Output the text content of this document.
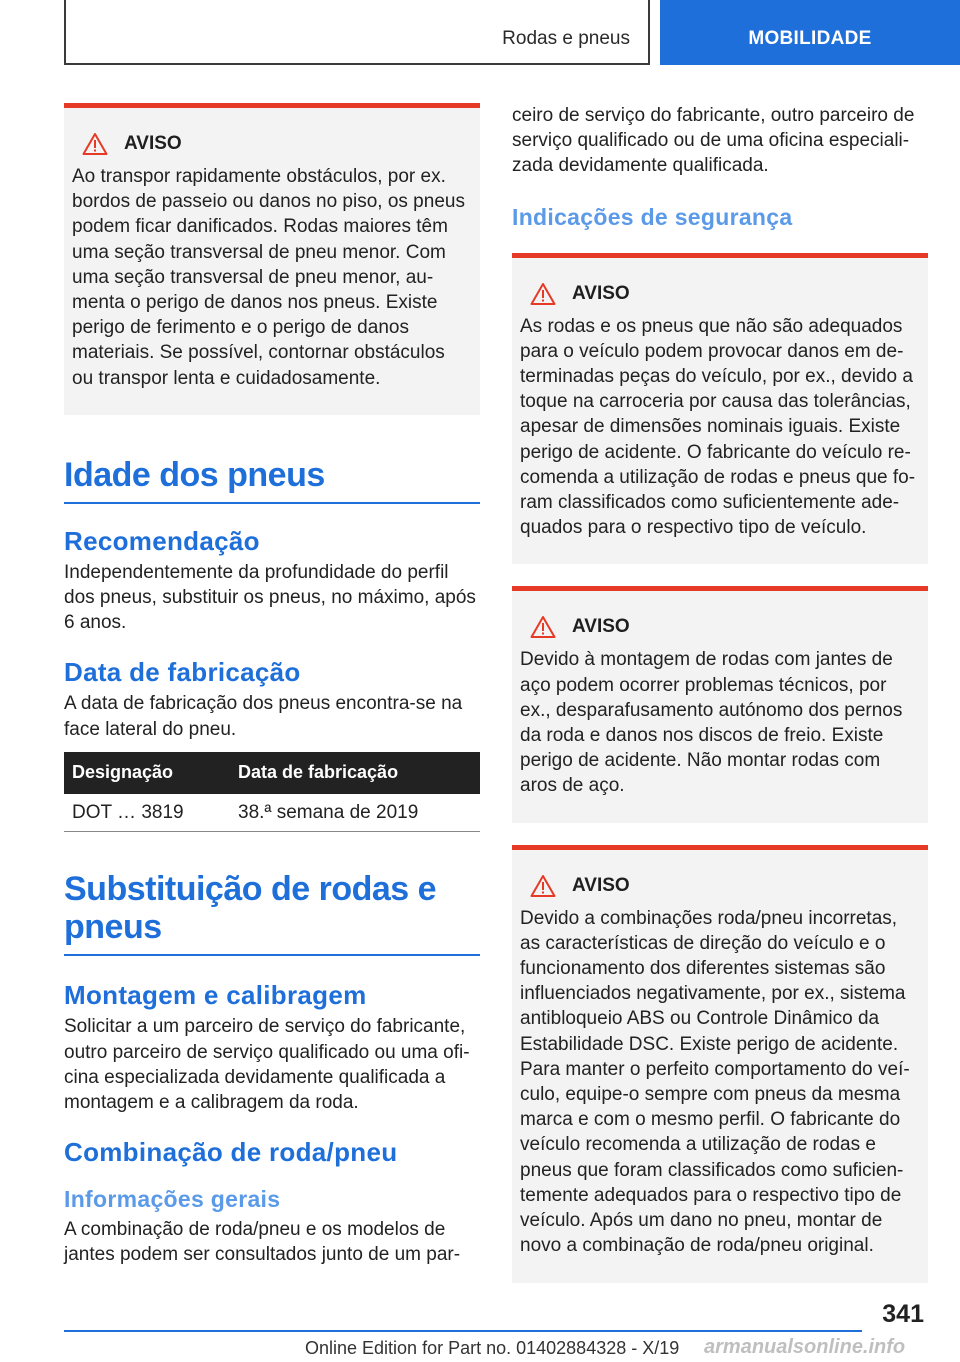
Rodas e pneus	MOBILIDADE
AVISO
Ao transpor rapidamente obstáculos, por ex. bordos de passeio ou danos no piso, os pneus podem ficar danificados. Rodas maiores têm uma seção transversal de pneu menor. Com uma seção transversal de pneu menor, aumenta o perigo de danos nos pneus. Existe perigo de ferimento e o perigo de danos materiais. Se possível, contornar obstáculos ou transpor lenta e cuidadosamente.
Idade dos pneus
Recomendação
Independentemente da profundidade do perfil dos pneus, substituir os pneus, no máximo, após 6 anos.
Data de fabricação
A data de fabricação dos pneus encontra-se na face lateral do pneu.
Designação	Data de fabricação
DOT … 3819	38.ª semana de 2019
Substituição de rodas e pneus
Montagem e calibragem
Solicitar a um parceiro de serviço do fabricante, outro parceiro de serviço qualificado ou uma oficina especializada devidamente qualificada a montagem e a calibragem da roda.
Combinação de roda/pneu
Informações gerais
A combinação de roda/pneu e os modelos de jantes podem ser consultados junto de um par-
ceiro de serviço do fabricante, outro parceiro de serviço qualificado ou de uma oficina especializada devidamente qualificada.
Indicações de segurança
AVISO
As rodas e os pneus que não são adequados para o veículo podem provocar danos em determinadas peças do veículo, por ex., devido a toque na carroceria por causa das tolerâncias, apesar de dimensões nominais iguais. Existe perigo de acidente. O fabricante do veículo recomenda a utilização de rodas e pneus que foram classificados como suficientemente adequados para o respectivo tipo de veículo.
AVISO
Devido à montagem de rodas com jantes de aço podem ocorrer problemas técnicos, por ex., desparafusamento autónomo dos pernos da roda e danos nos discos de freio. Existe perigo de acidente. Não montar rodas com aros de aço.
AVISO
Devido a combinações roda/pneu incorretas, as características de direção do veículo e o funcionamento dos diferentes sistemas são influenciados negativamente, por ex., sistema antibloqueio ABS ou Controle Dinâmico da Estabilidade DSC. Existe perigo de acidente. Para manter o perfeito comportamento do veículo, equipe-o sempre com pneus da mesma marca e com o mesmo perfil. O fabricante do veículo recomenda a utilização de rodas e pneus que foram classificados como suficientemente adequados para o respectivo tipo de veículo. Após um dano no pneu, montar de novo a combinação de roda/pneu original.
341
Online Edition for Part no. 01402884328 - X/19 armanualsonline.info
